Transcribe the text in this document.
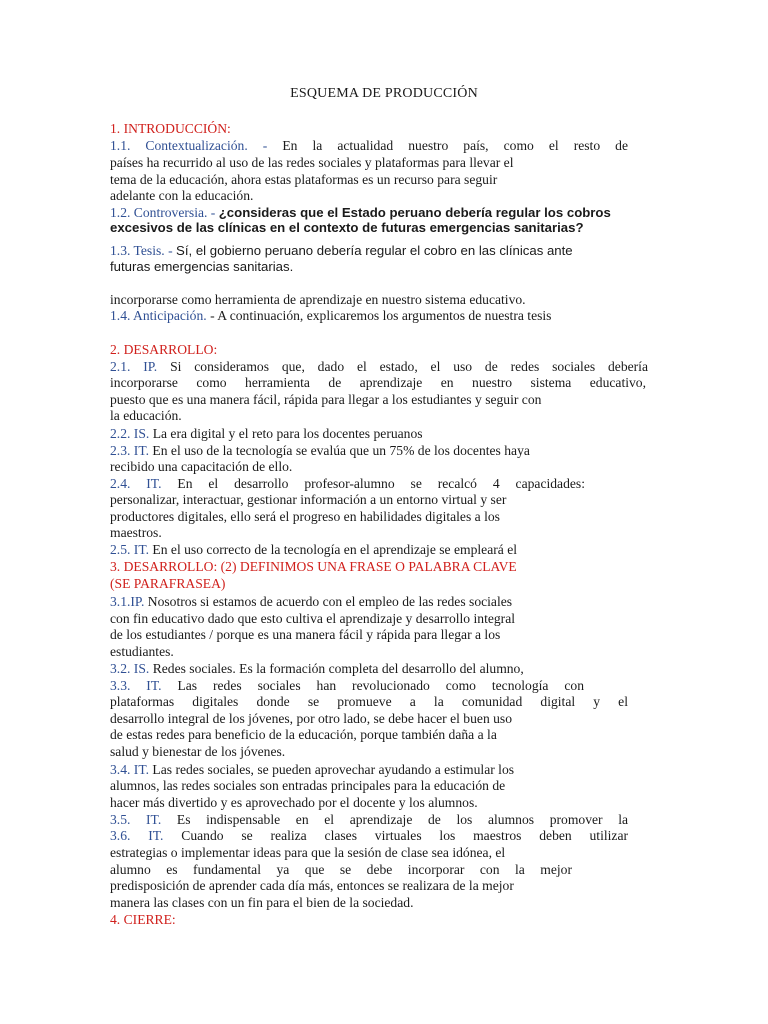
ESQUEMA DE PRODUCCIÓN
1. INTRODUCCIÓN:
1.1. Contextualización. - En la actualidad nuestro país, como el resto de
países ha recurrido al uso de las redes sociales y plataformas para llevar el
tema de la educación, ahora estas plataformas es un recurso para seguir
adelante con la educación.
1.2. Controversia. - ¿consideras que el Estado peruano debería regular los cobros
excesivos de las clínicas en el contexto de futuras emergencias sanitarias?
1.3. Tesis. - Sí, el gobierno peruano debería regular el cobro en las clínicas ante
futuras emergencias sanitarias.
incorporarse como herramienta de aprendizaje en nuestro sistema educativo.
1.4. Anticipación. - A continuación, explicaremos los argumentos de nuestra tesis
2. DESARROLLO:
2.1. IP. Si consideramos que, dado el estado, el uso de redes sociales debería
incorporarse como herramienta de aprendizaje en nuestro sistema educativo,
puesto que es una manera fácil, rápida para llegar a los estudiantes y seguir con
la educación.
2.2. IS. La era digital y el reto para los docentes peruanos
2.3. IT. En el uso de la tecnología se evalúa que un 75% de los docentes haya
recibido una capacitación de ello.
2.4. IT. En el desarrollo profesor-alumno se recalcó 4 capacidades:
personalizar, interactuar, gestionar información a un entorno virtual y ser
productores digitales, ello será el progreso en habilidades digitales a los
maestros.
2.5. IT. En el uso correcto de la tecnología en el aprendizaje se empleará el
3. DESARROLLO: (2) DEFINIMOS UNA FRASE O PALABRA CLAVE
(SE PARAFRASEA)
3.1.IP. Nosotros si estamos de acuerdo con el empleo de las redes sociales
con fin educativo dado que esto cultiva el aprendizaje y desarrollo integral
de los estudiantes / porque es una manera fácil y rápida para llegar a los
estudiantes.
3.2. IS. Redes sociales. Es la formación completa del desarrollo del alumno,
3.3. IT. Las redes sociales han revolucionado como tecnología con
plataformas digitales donde se promueve a la comunidad digital y el
desarrollo integral de los jóvenes, por otro lado, se debe hacer el buen uso
de estas redes para beneficio de la educación, porque también daña a la
salud y bienestar de los jóvenes.
3.4. IT. Las redes sociales, se pueden aprovechar ayudando a estimular los
alumnos, las redes sociales son entradas principales para la educación de
hacer más divertido y es aprovechado por el docente y los alumnos.
3.5. IT. Es indispensable en el aprendizaje de los alumnos promover la
3.6. IT. Cuando se realiza clases virtuales los maestros deben utilizar
estrategias o implementar ideas para que la sesión de clase sea idónea, el
alumno es fundamental ya que se debe incorporar con la mejor
predisposición de aprender cada día más, entonces se realizara de la mejor
manera las clases con un fin para el bien de la sociedad.
4. CIERRE:
